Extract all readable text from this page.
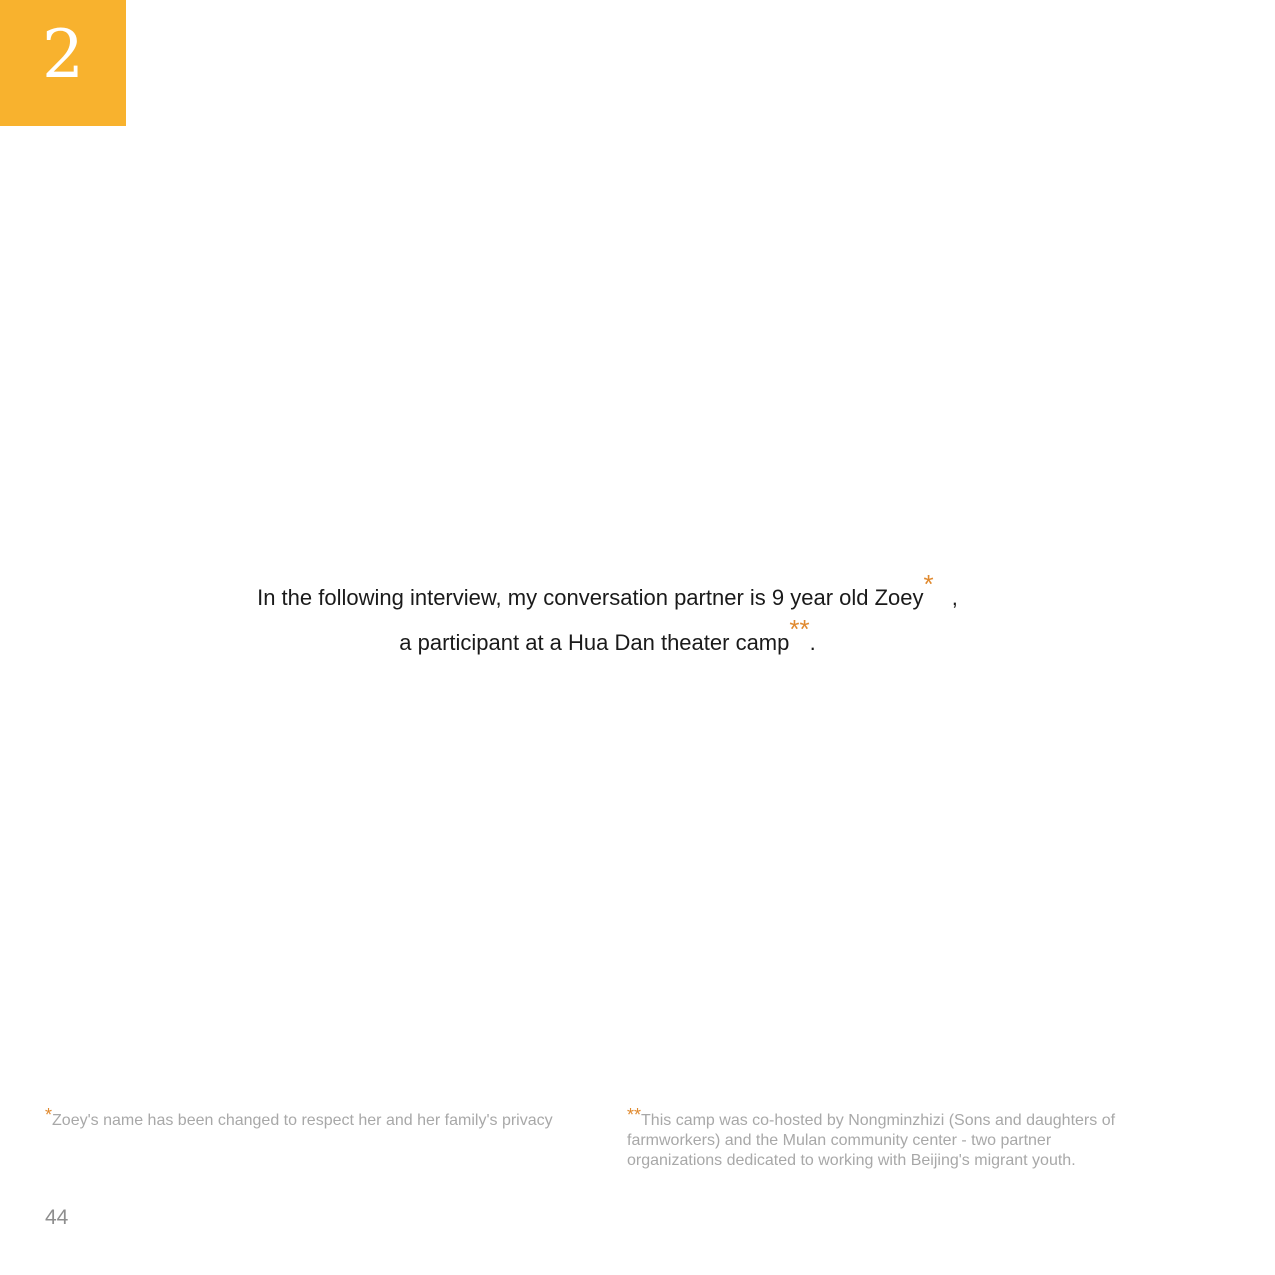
2
In the following interview, my conversation partner is 9 year old Zoey* ,
a participant at a Hua Dan theater camp**.
*Zoey's name has been changed to respect her and her family's privacy	**This camp was co-hosted by Nongminzhizi (Sons and daughters of farmworkers) and the Mulan community center - two partner organizations dedicated to working with Beijing's migrant youth.
44
